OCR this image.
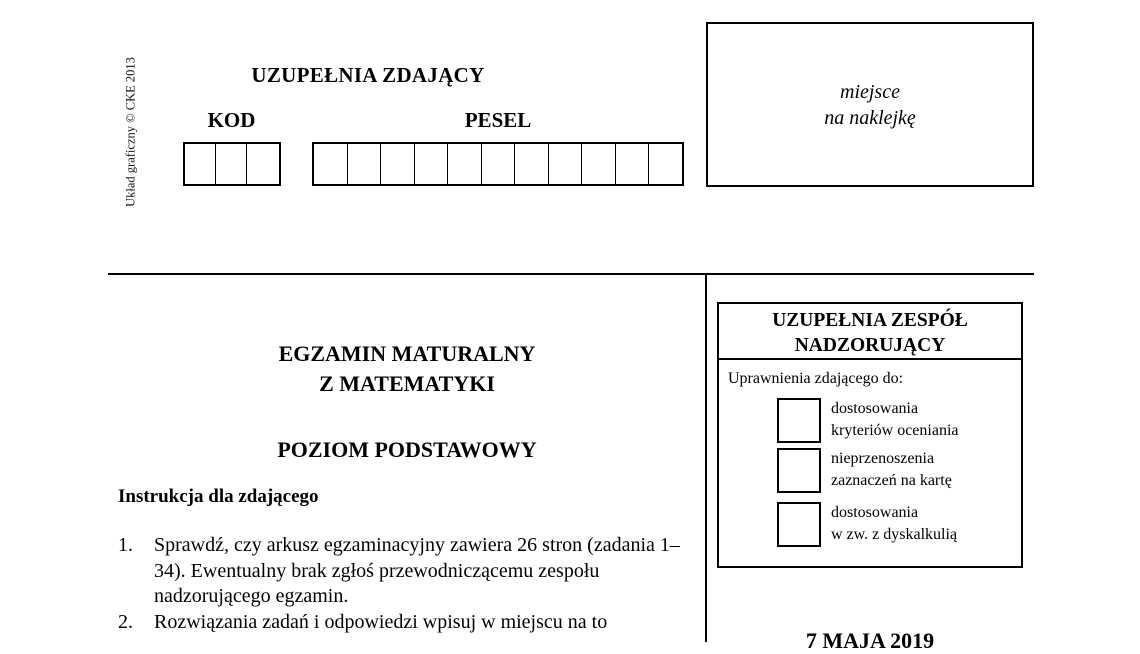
Układ graficzny © CKE 2013	UZUPEŁNIA ZDAJĄCY
KOD	PESEL
miejsce
na naklejkę
EGZAMIN MATURALNY
Z MATEMATYKI
POZIOM PODSTAWOWY
Instrukcja dla zdającego
1.	Sprawdź, czy arkusz egzaminacyjny zawiera 26 stron (zadania 1–34). Ewentualny brak zgłoś przewodniczącemu zespołu nadzorującego egzamin.
2.	Rozwiązania zadań i odpowiedzi wpisuj w miejscu na to
UZUPEŁNIA ZESPÓŁ
NADZORUJĄCY
Uprawnienia zdającego do:
dostosowania
kryteriów oceniania
nieprzenoszenia
zaznaczeń na kartę
dostosowania
w zw. z dyskalkulią
7 MAJA 2019
